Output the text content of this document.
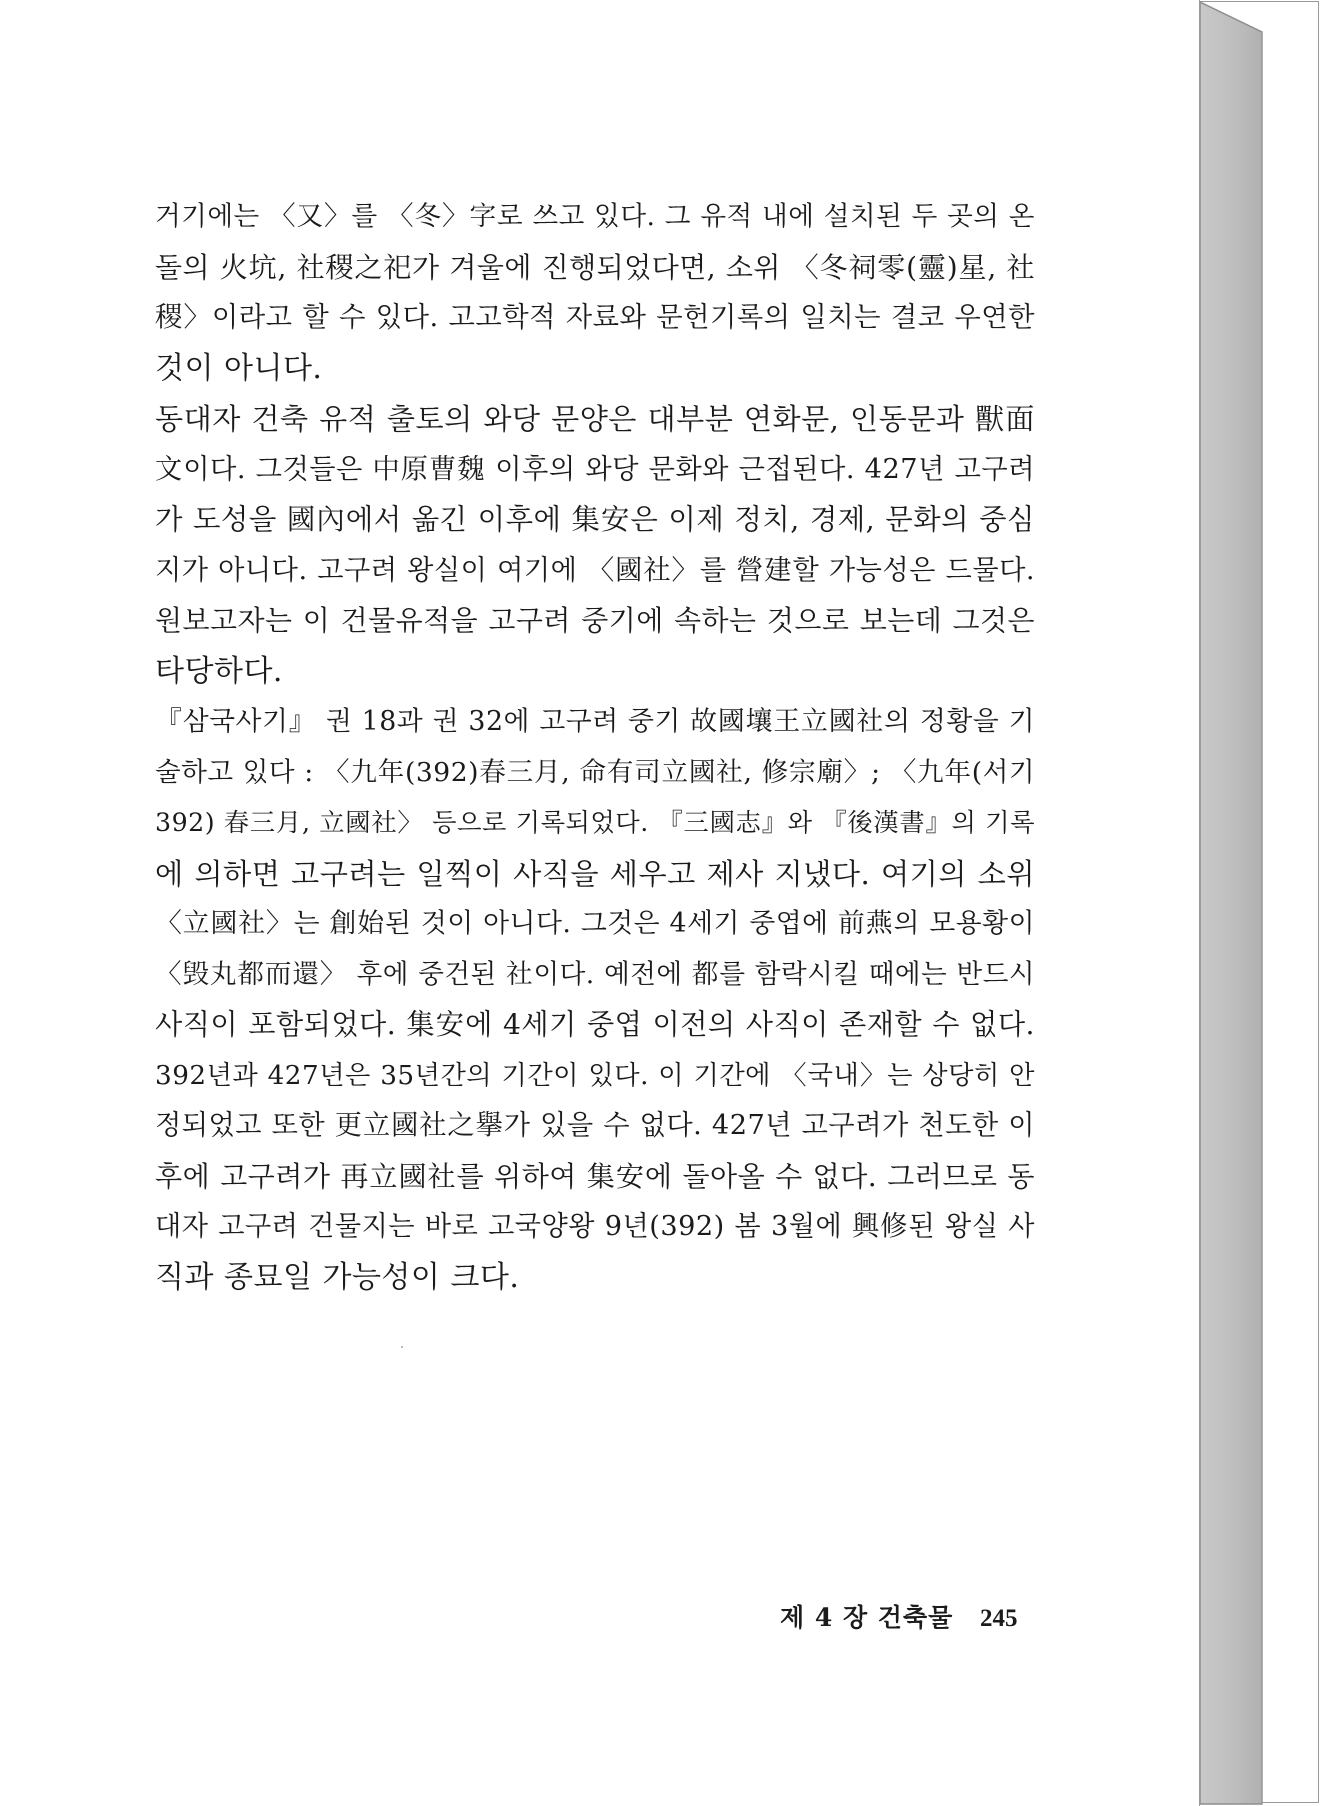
거기에는 〈又〉를 〈冬〉字로 쓰고 있다. 그 유적 내에 설치된 두 곳의 온
돌의 火坑, 社稷之祀가 겨울에 진행되었다면, 소위 〈冬祠零(靈)星, 社
稷〉이라고 할 수 있다. 고고학적 자료와 문헌기록의 일치는 결코 우연한
것이 아니다.
동대자 건축 유적 출토의 와당 문양은 대부분 연화문, 인동문과 獸面
文이다. 그것들은 中原曹魏 이후의 와당 문화와 근접된다. 427년 고구려
가 도성을 國內에서 옮긴 이후에 集安은 이제 정치, 경제, 문화의 중심
지가 아니다. 고구려 왕실이 여기에 〈國社〉를 營建할 가능성은 드물다.
원보고자는 이 건물유적을 고구려 중기에 속하는 것으로 보는데 그것은
타당하다.
『삼국사기』 권 18과 권 32에 고구려 중기 故國壤王立國社의 정황을 기
술하고 있다 : 〈九年(392)春三月, 命有司立國社, 修宗廟〉; 〈九年(서기
392) 春三月, 立國社〉 등으로 기록되었다. 『三國志』와 『後漢書』의 기록
에 의하면 고구려는 일찍이 사직을 세우고 제사 지냈다. 여기의 소위
〈立國社〉는 創始된 것이 아니다. 그것은 4세기 중엽에 前燕의 모용황이
〈毁丸都而還〉 후에 중건된 社이다. 예전에 都를 함락시킬 때에는 반드시
사직이 포함되었다. 集安에 4세기 중엽 이전의 사직이 존재할 수 없다.
392년과 427년은 35년간의 기간이 있다. 이 기간에 〈국내〉는 상당히 안
정되었고 또한 更立國社之擧가 있을 수 없다. 427년 고구려가 천도한 이
후에 고구려가 再立國社를 위하여 集安에 돌아올 수 없다. 그러므로 동
대자 고구려 건물지는 바로 고국양왕 9년(392) 봄 3월에 興修된 왕실 사
직과 종묘일 가능성이 크다.
제 4 장 건축물 245
